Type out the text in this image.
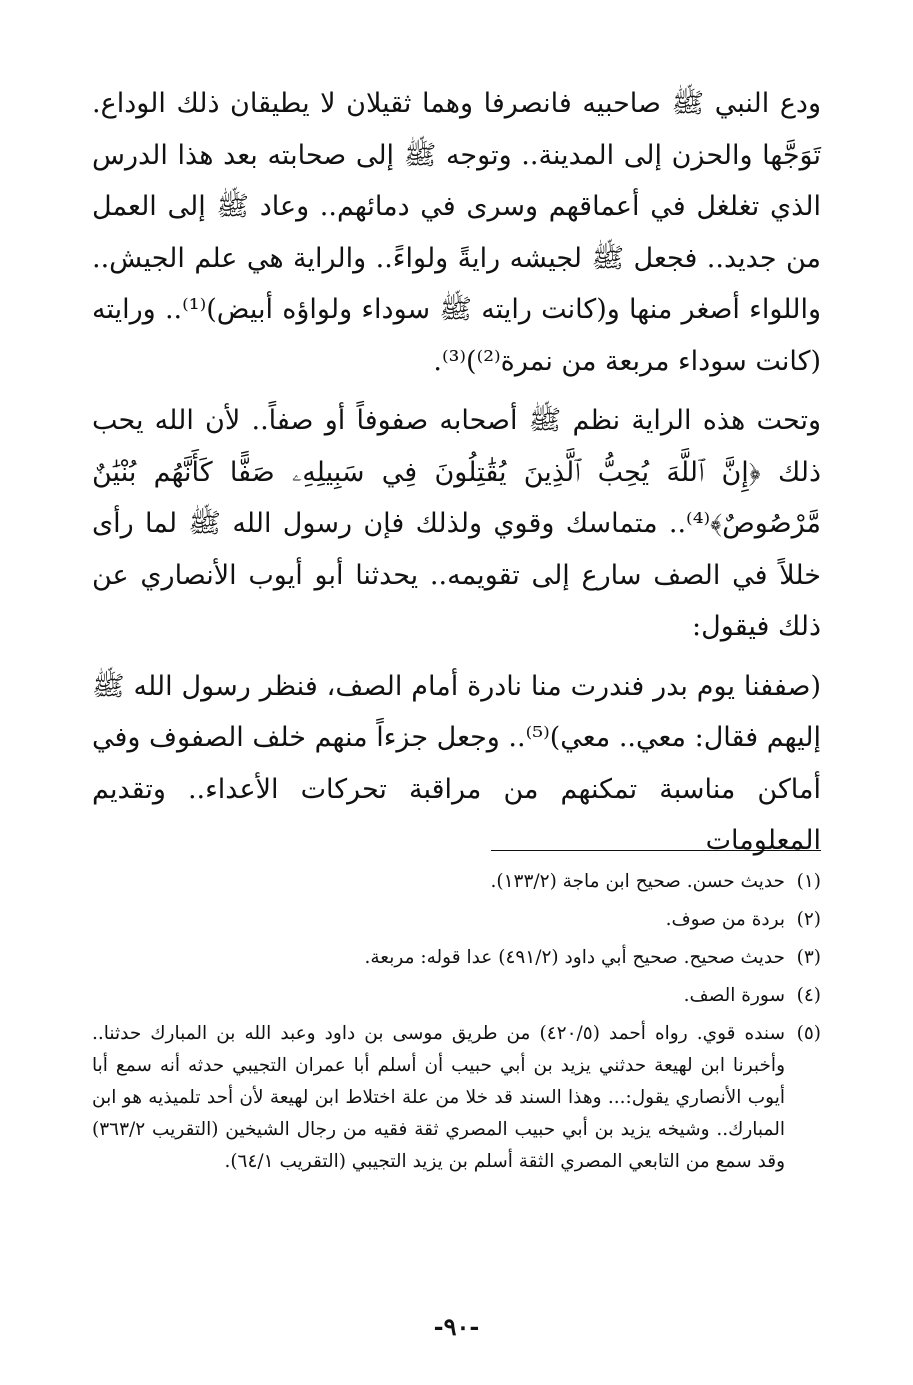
ودع النبي ﷺ صاحبيه فانصرفا وهما ثقيلان لا يطيقان ذلك الوداع. تَوَجَّها والحزن إلى المدينة.. وتوجه ﷺ إلى صحابته بعد هذا الدرس الذي تغلغل في أعماقهم وسرى في دمائهم.. وعاد ﷺ إلى العمل من جديد.. فجعل ﷺ لجيشه رايةً ولواءً.. والراية هي علم الجيش.. واللواء أصغر منها و(كانت رايته ﷺ سوداء ولواؤه أبيض)⁽¹⁾.. ورايته (كانت سوداء مربعة من نمرة⁽²⁾)⁽³⁾.

وتحت هذه الراية نظم ﷺ أصحابه صفوفاً أو صفاً.. لأن الله يحب ذلك ﴿إِنَّ ٱللَّهَ يُحِبُّ ٱلَّذِينَ يُقَٰتِلُونَ فِي سَبِيلِهِۦ صَفًّا كَأَنَّهُم بُنْيَٰنٌ مَّرْصُوصٌ﴾⁽⁴⁾.. متماسك وقوي ولذلك فإن رسول الله ﷺ لما رأى خللاً في الصف سارع إلى تقويمه.. يحدثنا أبو أيوب الأنصاري عن ذلك فيقول:

(صففنا يوم بدر فندرت منا نادرة أمام الصف، فنظر رسول الله ﷺ إليهم فقال: معي.. معي)⁽⁵⁾.. وجعل جزءاً منهم خلف الصفوف وفي أماكن مناسبة تمكنهم من مراقبة تحركات الأعداء.. وتقديم المعلومات

(١)
حديث حسن. صحيح ابن ماجة (١٣٣/٢).
(٢)
بردة من صوف.
(٣)
حديث صحيح. صحيح أبي داود (٤٩١/٢) عدا قوله: مربعة.
(٤)
سورة الصف.
(٥)
سنده قوي. رواه أحمد (٤٢٠/٥) من طريق موسى بن داود وعبد الله بن المبارك حدثنا.. وأخبرنا ابن لهيعة حدثني يزيد بن أبي حبيب أن أسلم أبا عمران التجيبي حدثه أنه سمع أبا أيوب الأنصاري يقول:... وهذا السند قد خلا من علة اختلاط ابن لهيعة لأن أحد تلميذيه هو ابن المبارك.. وشيخه يزيد بن أبي حبيب المصري ثقة فقيه من رجال الشيخين (التقريب ٣٦٣/٢) وقد سمع من التابعي المصري الثقة أسلم بن يزيد التجيبي (التقريب ٦٤/١).
-٩٠-
